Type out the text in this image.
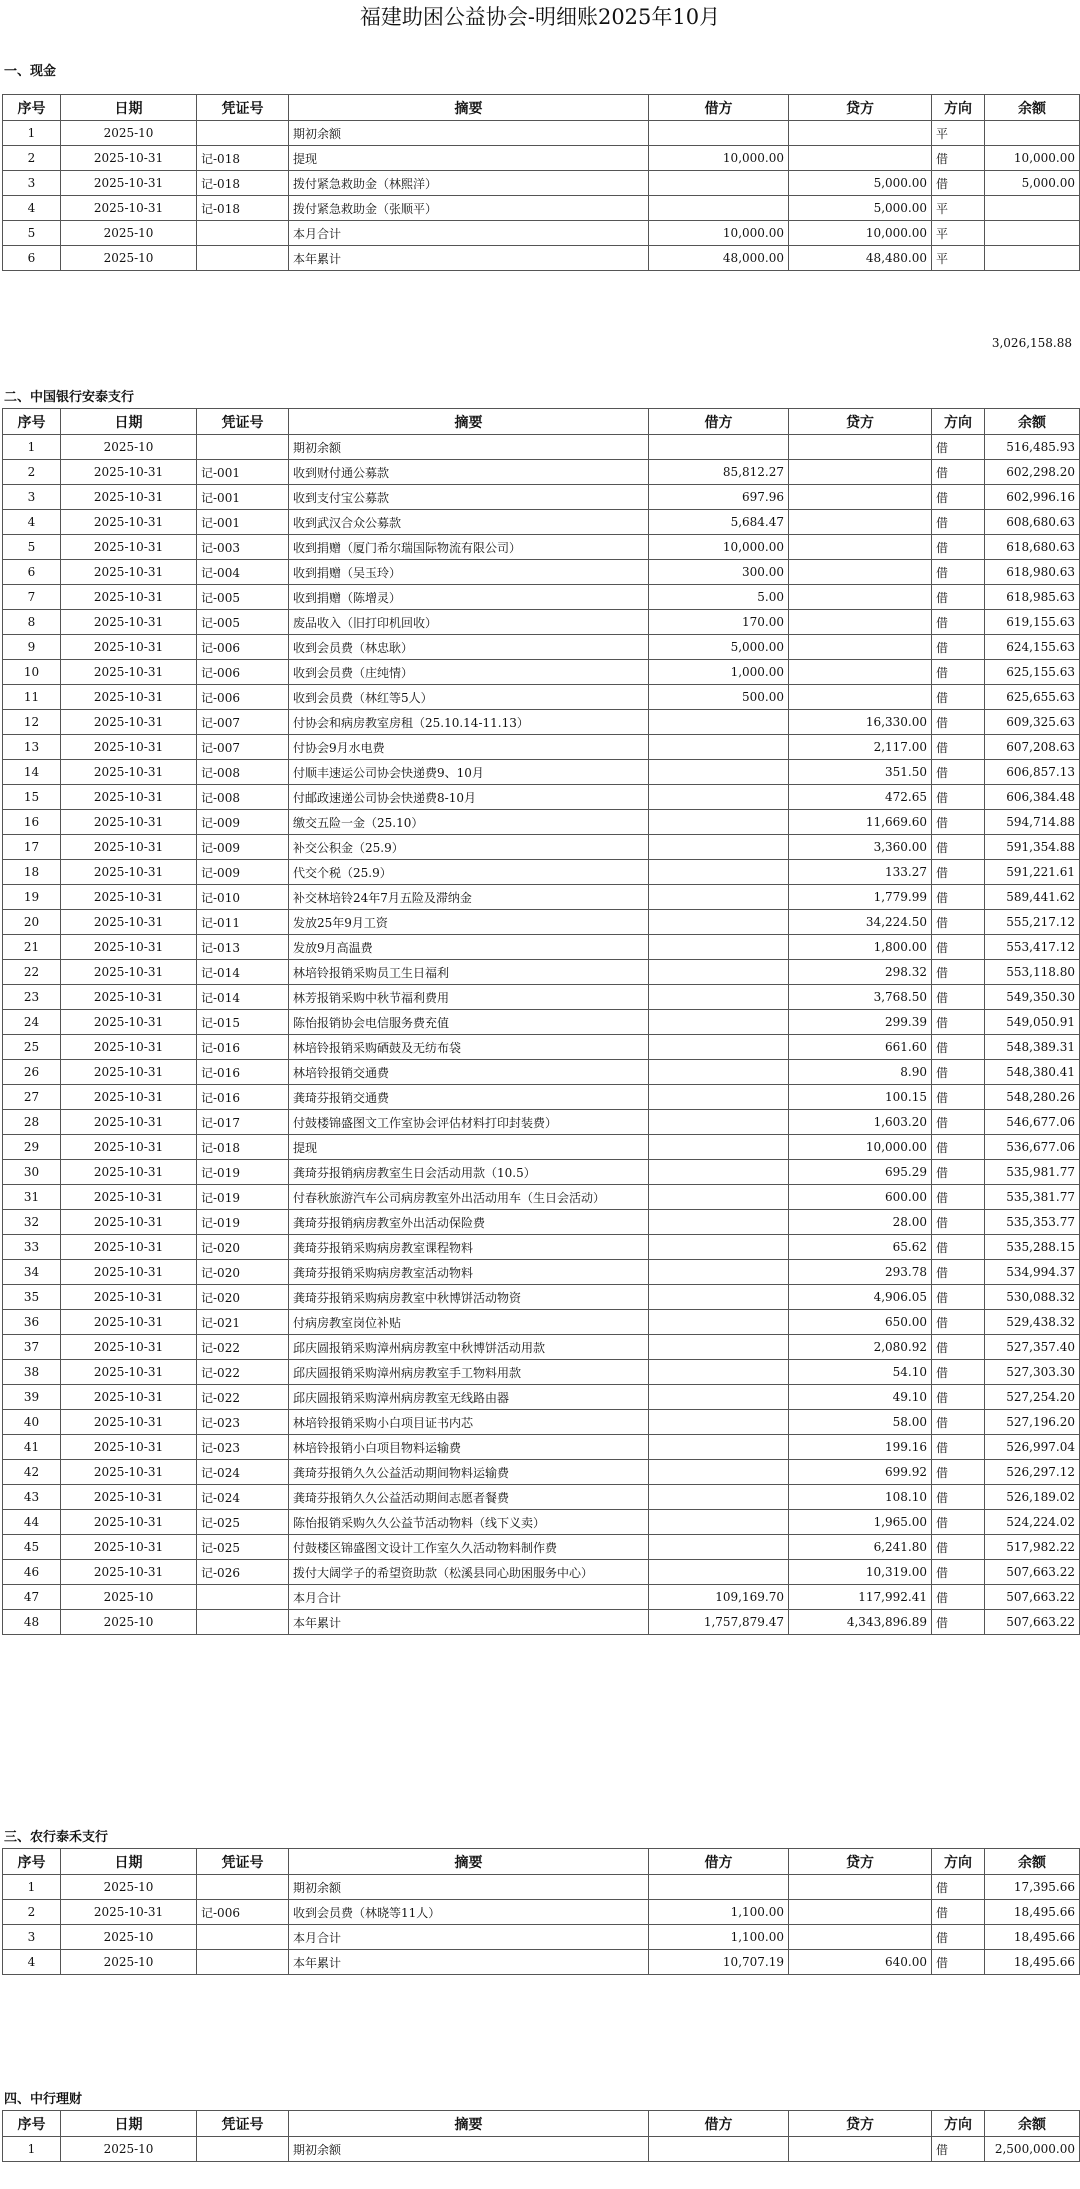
福建助困公益协会-明细账2025年10月
一、现金
序号	日期	凭证号	摘要	借方	贷方	方向	余额
1	2025-10		期初余额			平	
2	2025-10-31	记-018	提现	10,000.00		借	10,000.00
3	2025-10-31	记-018	拨付紧急救助金（林熙洋）		5,000.00	借	5,000.00
4	2025-10-31	记-018	拨付紧急救助金（张顺平）		5,000.00	平	
5	2025-10		本月合计	10,000.00	10,000.00	平	
6	2025-10		本年累计	48,000.00	48,480.00	平	
3,026,158.88
二、中国银行安泰支行
序号	日期	凭证号	摘要	借方	贷方	方向	余额
1	2025-10		期初余额			借	516,485.93
2	2025-10-31	记-001	收到财付通公募款	85,812.27		借	602,298.20
3	2025-10-31	记-001	收到支付宝公募款	697.96		借	602,996.16
4	2025-10-31	记-001	收到武汉合众公募款	5,684.47		借	608,680.63
5	2025-10-31	记-003	收到捐赠（厦门希尔瑞国际物流有限公司）	10,000.00		借	618,680.63
6	2025-10-31	记-004	收到捐赠（吴玉玲）	300.00		借	618,980.63
7	2025-10-31	记-005	收到捐赠（陈增灵）	5.00		借	618,985.63
8	2025-10-31	记-005	废品收入（旧打印机回收）	170.00		借	619,155.63
9	2025-10-31	记-006	收到会员费（林忠耿）	5,000.00		借	624,155.63
10	2025-10-31	记-006	收到会员费（庄纯情）	1,000.00		借	625,155.63
11	2025-10-31	记-006	收到会员费（林红等5人）	500.00		借	625,655.63
12	2025-10-31	记-007	付协会和病房教室房租（25.10.14-11.13）		16,330.00	借	609,325.63
13	2025-10-31	记-007	付协会9月水电费		2,117.00	借	607,208.63
14	2025-10-31	记-008	付顺丰速运公司协会快递费9、10月		351.50	借	606,857.13
15	2025-10-31	记-008	付邮政速递公司协会快递费8-10月		472.65	借	606,384.48
16	2025-10-31	记-009	缴交五险一金（25.10）		11,669.60	借	594,714.88
17	2025-10-31	记-009	补交公积金（25.9）		3,360.00	借	591,354.88
18	2025-10-31	记-009	代交个税（25.9）		133.27	借	591,221.61
19	2025-10-31	记-010	补交林培铃24年7月五险及滞纳金		1,779.99	借	589,441.62
20	2025-10-31	记-011	发放25年9月工资		34,224.50	借	555,217.12
21	2025-10-31	记-013	发放9月高温费		1,800.00	借	553,417.12
22	2025-10-31	记-014	林培铃报销采购员工生日福利		298.32	借	553,118.80
23	2025-10-31	记-014	林芳报销采购中秋节福利费用		3,768.50	借	549,350.30
24	2025-10-31	记-015	陈怡报销协会电信服务费充值		299.39	借	549,050.91
25	2025-10-31	记-016	林培铃报销采购硒鼓及无纺布袋		661.60	借	548,389.31
26	2025-10-31	记-016	林培铃报销交通费		8.90	借	548,380.41
27	2025-10-31	记-016	龚琦芬报销交通费		100.15	借	548,280.26
28	2025-10-31	记-017	付鼓楼锦盛图文工作室协会评估材料打印封装费）		1,603.20	借	546,677.06
29	2025-10-31	记-018	提现		10,000.00	借	536,677.06
30	2025-10-31	记-019	龚琦芬报销病房教室生日会活动用款（10.5）		695.29	借	535,981.77
31	2025-10-31	记-019	付春秋旅游汽车公司病房教室外出活动用车（生日会活动）		600.00	借	535,381.77
32	2025-10-31	记-019	龚琦芬报销病房教室外出活动保险费		28.00	借	535,353.77
33	2025-10-31	记-020	龚琦芬报销采购病房教室课程物料		65.62	借	535,288.15
34	2025-10-31	记-020	龚琦芬报销采购病房教室活动物料		293.78	借	534,994.37
35	2025-10-31	记-020	龚琦芬报销采购病房教室中秋博饼活动物资		4,906.05	借	530,088.32
36	2025-10-31	记-021	付病房教室岗位补贴		650.00	借	529,438.32
37	2025-10-31	记-022	邱庆圆报销采购漳州病房教室中秋博饼活动用款		2,080.92	借	527,357.40
38	2025-10-31	记-022	邱庆圆报销采购漳州病房教室手工物料用款		54.10	借	527,303.30
39	2025-10-31	记-022	邱庆圆报销采购漳州病房教室无线路由器		49.10	借	527,254.20
40	2025-10-31	记-023	林培铃报销采购小白项目证书内芯		58.00	借	527,196.20
41	2025-10-31	记-023	林培铃报销小白项目物料运输费		199.16	借	526,997.04
42	2025-10-31	记-024	龚琦芬报销久久公益活动期间物料运输费		699.92	借	526,297.12
43	2025-10-31	记-024	龚琦芬报销久久公益活动期间志愿者餐费		108.10	借	526,189.02
44	2025-10-31	记-025	陈怡报销采购久久公益节活动物料（线下义卖）		1,965.00	借	524,224.02
45	2025-10-31	记-025	付鼓楼区锦盛图文设计工作室久久活动物料制作费		6,241.80	借	517,982.22
46	2025-10-31	记-026	拨付大阔学子的希望资助款（松溪县同心助困服务中心）		10,319.00	借	507,663.22
47	2025-10		本月合计	109,169.70	117,992.41	借	507,663.22
48	2025-10		本年累计	1,757,879.47	4,343,896.89	借	507,663.22
三、农行泰禾支行
序号	日期	凭证号	摘要	借方	贷方	方向	余额
1	2025-10		期初余额			借	17,395.66
2	2025-10-31	记-006	收到会员费（林晓等11人）	1,100.00		借	18,495.66
3	2025-10		本月合计	1,100.00		借	18,495.66
4	2025-10		本年累计	10,707.19	640.00	借	18,495.66
四、中行理财
序号	日期	凭证号	摘要	借方	贷方	方向	余额
1	2025-10		期初余额			借	2,500,000.00
